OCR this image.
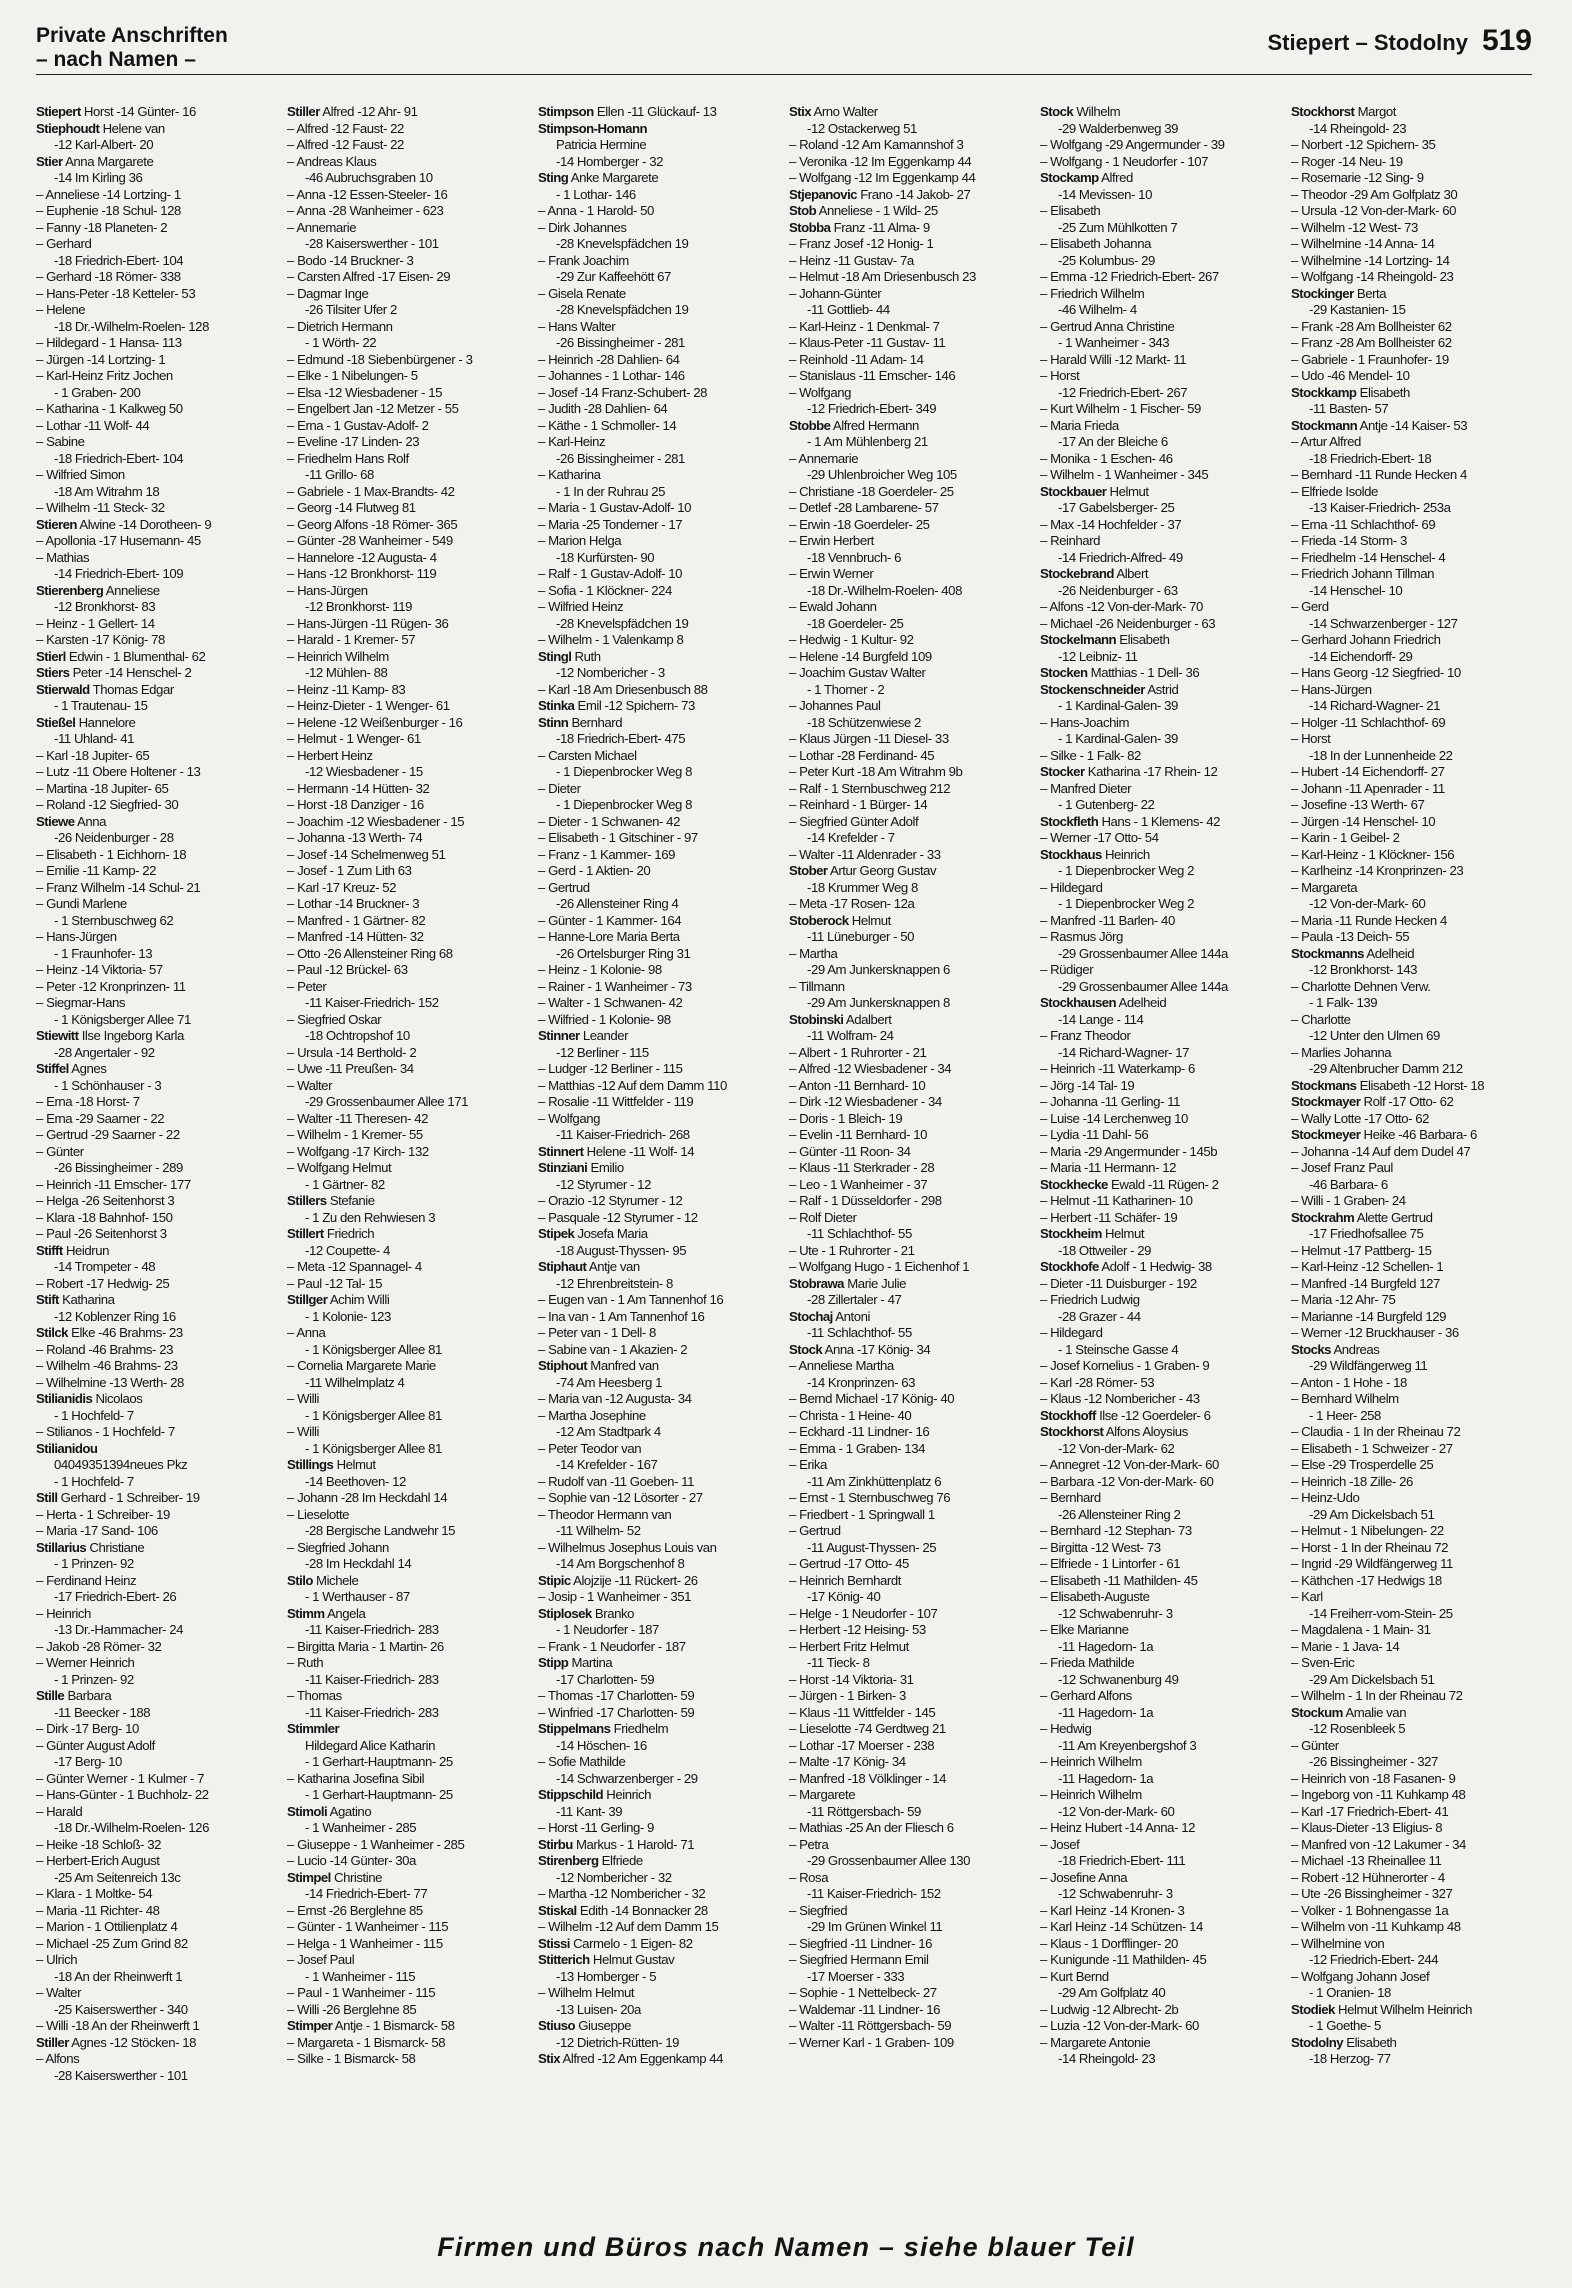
Private Anschriften
– nach Namen –
Stiepert – Stodolny 519
Stiepert Horst -14 Günter- 16
Stiephoudt Helene van
-12 Karl-Albert- 20
Stier Anna Margarete
-14 Im Kirling 36
– Anneliese -14 Lortzing- 1
– Euphenie -18 Schul- 128
– Fanny -18 Planeten- 2
– Gerhard
-18 Friedrich-Ebert- 104
– Gerhard -18 Römer- 338
– Hans-Peter -18 Ketteler- 53
– Helene
-18 Dr.-Wilhelm-Roelen- 128
– Hildegard - 1 Hansa- 113
– Jürgen -14 Lortzing- 1
– Karl-Heinz Fritz Jochen
- 1 Graben- 200
– Katharina - 1 Kalkweg 50
– Lothar -11 Wolf- 44
– Sabine
-18 Friedrich-Ebert- 104
– Wilfried Simon
-18 Am Witrahm 18
– Wilhelm -11 Steck- 32
Stieren Alwine -14 Dorotheen- 9
– Apollonia -17 Husemann- 45
– Mathias
-14 Friedrich-Ebert- 109
Stierenberg Anneliese
-12 Bronkhorst- 83
– Heinz - 1 Gellert- 14
– Karsten -17 König- 78
Stierl Edwin - 1 Blumenthal- 62
Stiers Peter -14 Henschel- 2
Stierwald Thomas Edgar
- 1 Trautenau- 15
Stießel Hannelore
-11 Uhland- 41
– Karl -18 Jupiter- 65
– Lutz -11 Obere Holtener - 13
– Martina -18 Jupiter- 65
– Roland -12 Siegfried- 30
Stiewe Anna
-26 Neidenburger - 28
– Elisabeth - 1 Eichhorn- 18
– Emilie -11 Kamp- 22
– Franz Wilhelm -14 Schul- 21
– Gundi Marlene
- 1 Sternbuschweg 62
– Hans-Jürgen
- 1 Fraunhofer- 13
– Heinz -14 Viktoria- 57
– Peter -12 Kronprinzen- 11
– Siegmar-Hans
- 1 Königsberger Allee 71
Stiewitt Ilse Ingeborg Karla
-28 Angertaler - 92
Stiffel Agnes
- 1 Schönhauser - 3
– Erna -18 Horst- 7
– Erna -29 Saarner - 22
– Gertrud -29 Saarner - 22
– Günter
-26 Bissingheimer - 289
– Heinrich -11 Emscher- 177
– Helga -26 Seitenhorst 3
– Klara -18 Bahnhof- 150
– Paul -26 Seitenhorst 3
Stifft Heidrun
-14 Trompeter - 48
– Robert -17 Hedwig- 25
Stift Katharina
-12 Koblenzer Ring 16
Stilck Elke -46 Brahms- 23
– Roland -46 Brahms- 23
– Wilhelm -46 Brahms- 23
– Wilhelmine -13 Werth- 28
Stilianidis Nicolaos
- 1 Hochfeld- 7
– Stilianos - 1 Hochfeld- 7
Stilianidou
04049351394neues Pkz
- 1 Hochfeld- 7
Still Gerhard - 1 Schreiber- 19
– Herta - 1 Schreiber- 19
– Maria -17 Sand- 106
Stillarius Christiane
- 1 Prinzen- 92
– Ferdinand Heinz
-17 Friedrich-Ebert- 26
– Heinrich
-13 Dr.-Hammacher- 24
– Jakob -28 Römer- 32
– Werner Heinrich
- 1 Prinzen- 92
Stille Barbara
-11 Beecker - 188
– Dirk -17 Berg- 10
– Günter August Adolf
-17 Berg- 10
– Günter Werner - 1 Kulmer - 7
– Hans-Günter - 1 Buchholz- 22
– Harald
-18 Dr.-Wilhelm-Roelen- 126
– Heike -18 Schloß- 32
– Herbert-Erich August
-25 Am Seitenreich 13c
– Klara - 1 Moltke- 54
– Maria -11 Richter- 48
– Marion - 1 Ottilienplatz 4
– Michael -25 Zum Grind 82
– Ulrich
-18 An der Rheinwerft 1
– Walter
-25 Kaiserswerther - 340
– Willi -18 An der Rheinwerft 1
Stiller Agnes -12 Stöcken- 18
– Alfons
-28 Kaiserswerther - 101
Stiller Alfred -12 Ahr- 91
– Alfred -12 Faust- 22
– Alfred -12 Faust- 22
– Andreas Klaus
-46 Aubruchsgraben 10
– Anna -12 Essen-Steeler- 16
– Anna -28 Wanheimer - 623
– Annemarie
-28 Kaiserswerther - 101
– Bodo -14 Bruckner- 3
– Carsten Alfred -17 Eisen- 29
– Dagmar Inge
-26 Tilsiter Ufer 2
– Dietrich Hermann
- 1 Wörth- 22
– Edmund -18 Siebenbürgener - 3
– Elke - 1 Nibelungen- 5
– Elsa -12 Wiesbadener - 15
– Engelbert Jan -12 Metzer - 55
– Erna - 1 Gustav-Adolf- 2
– Eveline -17 Linden- 23
– Friedhelm Hans Rolf
-11 Grillo- 68
– Gabriele - 1 Max-Brandts- 42
– Georg -14 Flutweg 81
– Georg Alfons -18 Römer- 365
– Günter -28 Wanheimer - 549
– Hannelore -12 Augusta- 4
– Hans -12 Bronkhorst- 119
– Hans-Jürgen
-12 Bronkhorst- 119
– Hans-Jürgen -11 Rügen- 36
– Harald - 1 Kremer- 57
– Heinrich Wilhelm
-12 Mühlen- 88
– Heinz -11 Kamp- 83
– Heinz-Dieter - 1 Wenger- 61
– Helene -12 Weißenburger - 16
– Helmut - 1 Wenger- 61
– Herbert Heinz
-12 Wiesbadener - 15
– Hermann -14 Hütten- 32
– Horst -18 Danziger - 16
– Joachim -12 Wiesbadener - 15
– Johanna -13 Werth- 74
– Josef -14 Schelmenweg 51
– Josef - 1 Zum Lith 63
– Karl -17 Kreuz- 52
– Lothar -14 Bruckner- 3
– Manfred - 1 Gärtner- 82
– Manfred -14 Hütten- 32
– Otto -26 Allensteiner Ring 68
– Paul -12 Brückel- 63
– Peter
-11 Kaiser-Friedrich- 152
– Siegfried Oskar
-18 Ochtropshof 10
– Ursula -14 Berthold- 2
– Uwe -11 Preußen- 34
– Walter
-29 Grossenbaumer Allee 171
– Walter -11 Theresen- 42
– Wilhelm - 1 Kremer- 55
– Wolfgang -17 Kirch- 132
– Wolfgang Helmut
- 1 Gärtner- 82
Stillers Stefanie
- 1 Zu den Rehwiesen 3
Stillert Friedrich
-12 Coupette- 4
– Meta -12 Spannagel- 4
– Paul -12 Tal- 15
Stillger Achim Willi
- 1 Kolonie- 123
– Anna
- 1 Königsberger Allee 81
– Cornelia Margarete Marie
-11 Wilhelmplatz 4
– Willi
- 1 Königsberger Allee 81
– Willi
- 1 Königsberger Allee 81
Stillings Helmut
-14 Beethoven- 12
– Johann -28 Im Heckdahl 14
– Lieselotte
-28 Bergische Landwehr 15
– Siegfried Johann
-28 Im Heckdahl 14
Stilo Michele
- 1 Werthauser - 87
Stimm Angela
-11 Kaiser-Friedrich- 283
– Birgitta Maria - 1 Martin- 26
– Ruth
-11 Kaiser-Friedrich- 283
– Thomas
-11 Kaiser-Friedrich- 283
Stimmler
Hildegard Alice Katharin
- 1 Gerhart-Hauptmann- 25
– Katharina Josefina Sibil
- 1 Gerhart-Hauptmann- 25
Stimoli Agatino
- 1 Wanheimer - 285
– Giuseppe - 1 Wanheimer - 285
– Lucio -14 Günter- 30a
Stimpel Christine
-14 Friedrich-Ebert- 77
– Ernst -26 Berglehne 85
– Günter - 1 Wanheimer - 115
– Helga - 1 Wanheimer - 115
– Josef Paul
- 1 Wanheimer - 115
– Paul - 1 Wanheimer - 115
– Willi -26 Berglehne 85
Stimper Antje - 1 Bismarck- 58
– Margareta - 1 Bismarck- 58
– Silke - 1 Bismarck- 58
Stimpson Ellen -11 Glückauf- 13
Stimpson-Homann
Patricia Hermine
-14 Homberger - 32
Sting Anke Margarete
- 1 Lothar- 146
– Anna - 1 Harold- 50
– Dirk Johannes
-28 Knevelspfädchen 19
– Frank Joachim
-29 Zur Kaffeehött 67
– Gisela Renate
-28 Knevelspfädchen 19
– Hans Walter
-26 Bissingheimer - 281
– Heinrich -28 Dahlien- 64
– Johannes - 1 Lothar- 146
– Josef -14 Franz-Schubert- 28
– Judith -28 Dahlien- 64
– Käthe - 1 Schmoller- 14
– Karl-Heinz
-26 Bissingheimer - 281
– Katharina
- 1 In der Ruhrau 25
– Maria - 1 Gustav-Adolf- 10
– Maria -25 Tonderner - 17
– Marion Helga
-18 Kurfürsten- 90
– Ralf - 1 Gustav-Adolf- 10
– Sofia - 1 Klöckner- 224
– Wilfried Heinz
-28 Knevelspfädchen 19
– Wilhelm - 1 Valenkamp 8
Stingl Ruth
-12 Nombericher - 3
– Karl -18 Am Driesenbusch 88
Stinka Emil -12 Spichern- 73
Stinn Bernhard
-18 Friedrich-Ebert- 475
– Carsten Michael
- 1 Diepenbrocker Weg 8
– Dieter
- 1 Diepenbrocker Weg 8
– Dieter - 1 Schwanen- 42
– Elisabeth - 1 Gitschiner - 97
– Franz - 1 Kammer- 169
– Gerd - 1 Aktien- 20
– Gertrud
-26 Allensteiner Ring 4
– Günter - 1 Kammer- 164
– Hanne-Lore Maria Berta
-26 Ortelsburger Ring 31
– Heinz - 1 Kolonie- 98
– Rainer - 1 Wanheimer - 73
– Walter - 1 Schwanen- 42
– Wilfried - 1 Kolonie- 98
Stinner Leander
-12 Berliner - 115
– Ludger -12 Berliner - 115
– Matthias -12 Auf dem Damm 110
– Rosalie -11 Wittfelder - 119
– Wolfgang
-11 Kaiser-Friedrich- 268
Stinnert Helene -11 Wolf- 14
Stinziani Emilio
-12 Styrumer - 12
– Orazio -12 Styrumer - 12
– Pasquale -12 Styrumer - 12
Stipek Josefa Maria
-18 August-Thyssen- 95
Stiphaut Antje van
-12 Ehrenbreitstein- 8
– Eugen van - 1 Am Tannenhof 16
– Ina van - 1 Am Tannenhof 16
– Peter van - 1 Dell- 8
– Sabine van - 1 Akazien- 2
Stiphout Manfred van
-74 Am Heesberg 1
– Maria van -12 Augusta- 34
– Martha Josephine
-12 Am Stadtpark 4
– Peter Teodor van
-14 Krefelder - 167
– Rudolf van -11 Goeben- 11
– Sophie van -12 Lösorter - 27
– Theodor Hermann van
-11 Wilhelm- 52
– Wilhelmus Josephus Louis van
-14 Am Borgschenhof 8
Stipic Alojzije -11 Rückert- 26
– Josip - 1 Wanheimer - 351
Stiplosek Branko
- 1 Neudorfer - 187
– Frank - 1 Neudorfer - 187
Stipp Martina
-17 Charlotten- 59
– Thomas -17 Charlotten- 59
– Winfried -17 Charlotten- 59
Stippelmans Friedhelm
-14 Höschen- 16
– Sofie Mathilde
-14 Schwarzenberger - 29
Stippschild Heinrich
-11 Kant- 39
– Horst -11 Gerling- 9
Stirbu Markus - 1 Harold- 71
Stirenberg Elfriede
-12 Nombericher - 32
– Martha -12 Nombericher - 32
Stiskal Edith -14 Bonnacker 28
– Wilhelm -12 Auf dem Damm 15
Stissi Carmelo - 1 Eigen- 82
Stitterich Helmut Gustav
-13 Homberger - 5
– Wilhelm Helmut
-13 Luisen- 20a
Stiuso Giuseppe
-12 Dietrich-Rütten- 19
Stix Alfred -12 Am Eggenkamp 44
Stix Arno Walter
-12 Ostackerweg 51
– Roland -12 Am Kamannshof 3
– Veronika -12 Im Eggenkamp 44
– Wolfgang -12 Im Eggenkamp 44
Stjepanovic Frano -14 Jakob- 27
Stob Anneliese - 1 Wild- 25
Stobba Franz -11 Alma- 9
– Franz Josef -12 Honig- 1
– Heinz -11 Gustav- 7a
– Helmut -18 Am Driesenbusch 23
– Johann-Günter
-11 Gottlieb- 44
– Karl-Heinz - 1 Denkmal- 7
– Klaus-Peter -11 Gustav- 11
– Reinhold -11 Adam- 14
– Stanislaus -11 Emscher- 146
– Wolfgang
-12 Friedrich-Ebert- 349
Stobbe Alfred Hermann
- 1 Am Mühlenberg 21
– Annemarie
-29 Uhlenbroicher Weg 105
– Christiane -18 Goerdeler- 25
– Detlef -28 Lambarene- 57
– Erwin -18 Goerdeler- 25
– Erwin Herbert
-18 Vennbruch- 6
– Erwin Werner
-18 Dr.-Wilhelm-Roelen- 408
– Ewald Johann
-18 Goerdeler- 25
– Hedwig - 1 Kultur- 92
– Helene -14 Burgfeld 109
– Joachim Gustav Walter
- 1 Thorner - 2
– Johannes Paul
-18 Schützenwiese 2
– Klaus Jürgen -11 Diesel- 33
– Lothar -28 Ferdinand- 45
– Peter Kurt -18 Am Witrahm 9b
– Ralf - 1 Sternbuschweg 212
– Reinhard - 1 Bürger- 14
– Siegfried Günter Adolf
-14 Krefelder - 7
– Walter -11 Aldenrader - 33
Stober Artur Georg Gustav
-18 Krummer Weg 8
– Meta -17 Rosen- 12a
Stoberock Helmut
-11 Lüneburger - 50
– Martha
-29 Am Junkersknappen 6
– Tillmann
-29 Am Junkersknappen 8
Stobinski Adalbert
-11 Wolfram- 24
– Albert - 1 Ruhrorter - 21
– Alfred -12 Wiesbadener - 34
– Anton -11 Bernhard- 10
– Dirk -12 Wiesbadener - 34
– Doris - 1 Bleich- 19
– Evelin -11 Bernhard- 10
– Günter -11 Roon- 34
– Klaus -11 Sterkrader - 28
– Leo - 1 Wanheimer - 37
– Ralf - 1 Düsseldorfer - 298
– Rolf Dieter
-11 Schlachthof- 55
– Ute - 1 Ruhrorter - 21
– Wolfgang Hugo - 1 Eichenhof 1
Stobrawa Marie Julie
-28 Zillertaler - 47
Stochaj Antoni
-11 Schlachthof- 55
Stock Anna -17 König- 34
– Anneliese Martha
-14 Kronprinzen- 63
– Bernd Michael -17 König- 40
– Christa - 1 Heine- 40
– Eckhard -11 Lindner- 16
– Emma - 1 Graben- 134
– Erika
-11 Am Zinkhüttenplatz 6
– Ernst - 1 Sternbuschweg 76
– Friedbert - 1 Springwall 1
– Gertrud
-11 August-Thyssen- 25
– Gertrud -17 Otto- 45
– Heinrich Bernhardt
-17 König- 40
– Helge - 1 Neudorfer - 107
– Herbert -12 Heising- 53
– Herbert Fritz Helmut
-11 Tieck- 8
– Horst -14 Viktoria- 31
– Jürgen - 1 Birken- 3
– Klaus -11 Wittfelder - 145
– Lieselotte -74 Gerdtweg 21
– Lothar -17 Moerser - 238
– Malte -17 König- 34
– Manfred -18 Völklinger - 14
– Margarete
-11 Röttgersbach- 59
– Mathias -25 An der Fliesch 6
– Petra
-29 Grossenbaumer Allee 130
– Rosa
-11 Kaiser-Friedrich- 152
– Siegfried
-29 Im Grünen Winkel 11
– Siegfried -11 Lindner- 16
– Siegfried Hermann Emil
-17 Moerser - 333
– Sophie - 1 Nettelbeck- 27
– Waldemar -11 Lindner- 16
– Walter -11 Röttgersbach- 59
– Werner Karl - 1 Graben- 109
Stock Wilhelm
-29 Walderbenweg 39
– Wolfgang -29 Angermunder - 39
– Wolfgang - 1 Neudorfer - 107
Stockamp Alfred
-14 Mevissen- 10
– Elisabeth
-25 Zum Mühlkotten 7
– Elisabeth Johanna
-25 Kolumbus- 29
– Emma -12 Friedrich-Ebert- 267
– Friedrich Wilhelm
-46 Wilhelm- 4
– Gertrud Anna Christine
- 1 Wanheimer - 343
– Harald Willi -12 Markt- 11
– Horst
-12 Friedrich-Ebert- 267
– Kurt Wilhelm - 1 Fischer- 59
– Maria Frieda
-17 An der Bleiche 6
– Monika - 1 Eschen- 46
– Wilhelm - 1 Wanheimer - 345
Stockbauer Helmut
-17 Gabelsberger- 25
– Max -14 Hochfelder - 37
– Reinhard
-14 Friedrich-Alfred- 49
Stockebrand Albert
-26 Neidenburger - 63
– Alfons -12 Von-der-Mark- 70
– Michael -26 Neidenburger - 63
Stockelmann Elisabeth
-12 Leibniz- 11
Stocken Matthias - 1 Dell- 36
Stockenschneider Astrid
- 1 Kardinal-Galen- 39
– Hans-Joachim
- 1 Kardinal-Galen- 39
– Silke - 1 Falk- 82
Stocker Katharina -17 Rhein- 12
– Manfred Dieter
- 1 Gutenberg- 22
Stockfleth Hans - 1 Klemens- 42
– Werner -17 Otto- 54
Stockhaus Heinrich
- 1 Diepenbrocker Weg 2
– Hildegard
- 1 Diepenbrocker Weg 2
– Manfred -11 Barlen- 40
– Rasmus Jörg
-29 Grossenbaumer Allee 144a
– Rüdiger
-29 Grossenbaumer Allee 144a
Stockhausen Adelheid
-14 Lange - 114
– Franz Theodor
-14 Richard-Wagner- 17
– Heinrich -11 Waterkamp- 6
– Jörg -14 Tal- 19
– Johanna -11 Gerling- 11
– Luise -14 Lerchenweg 10
– Lydia -11 Dahl- 56
– Maria -29 Angermunder - 145b
– Maria -11 Hermann- 12
Stockhecke Ewald -11 Rügen- 2
– Helmut -11 Katharinen- 10
– Herbert -11 Schäfer- 19
Stockheim Helmut
-18 Ottweiler - 29
Stockhofe Adolf - 1 Hedwig- 38
– Dieter -11 Duisburger - 192
– Friedrich Ludwig
-28 Grazer - 44
– Hildegard
- 1 Steinsche Gasse 4
– Josef Kornelius - 1 Graben- 9
– Karl -28 Römer- 53
– Klaus -12 Nombericher - 43
Stockhoff Ilse -12 Goerdeler- 6
Stockhorst Alfons Aloysius
-12 Von-der-Mark- 62
– Annegret -12 Von-der-Mark- 60
– Barbara -12 Von-der-Mark- 60
– Bernhard
-26 Allensteiner Ring 2
– Bernhard -12 Stephan- 73
– Birgitta -12 West- 73
– Elfriede - 1 Lintorfer - 61
– Elisabeth -11 Mathilden- 45
– Elisabeth-Auguste
-12 Schwabenruhr- 3
– Elke Marianne
-11 Hagedorn- 1a
– Frieda Mathilde
-12 Schwanenburg 49
– Gerhard Alfons
-11 Hagedorn- 1a
– Hedwig
-11 Am Kreyenbergshof 3
– Heinrich Wilhelm
-11 Hagedorn- 1a
– Heinrich Wilhelm
-12 Von-der-Mark- 60
– Heinz Hubert -14 Anna- 12
– Josef
-18 Friedrich-Ebert- 111
– Josefine Anna
-12 Schwabenruhr- 3
– Karl Heinz -14 Kronen- 3
– Karl Heinz -14 Schützen- 14
– Klaus - 1 Dorfflinger- 20
– Kunigunde -11 Mathilden- 45
– Kurt Bernd
-29 Am Golfplatz 40
– Ludwig -12 Albrecht- 2b
– Luzia -12 Von-der-Mark- 60
– Margarete Antonie
-14 Rheingold- 23
Stockhorst Margot
-14 Rheingold- 23
– Norbert -12 Spichern- 35
– Roger -14 Neu- 19
– Rosemarie -12 Sing- 9
– Theodor -29 Am Golfplatz 30
– Ursula -12 Von-der-Mark- 60
– Wilhelm -12 West- 73
– Wilhelmine -14 Anna- 14
– Wilhelmine -14 Lortzing- 14
– Wolfgang -14 Rheingold- 23
Stockinger Berta
-29 Kastanien- 15
– Frank -28 Am Bollheister 62
– Franz -28 Am Bollheister 62
– Gabriele - 1 Fraunhofer- 19
– Udo -46 Mendel- 10
Stockkamp Elisabeth
-11 Basten- 57
Stockmann Antje -14 Kaiser- 53
– Artur Alfred
-18 Friedrich-Ebert- 18
– Bernhard -11 Runde Hecken 4
– Elfriede Isolde
-13 Kaiser-Friedrich- 253a
– Erna -11 Schlachthof- 69
– Frieda -14 Storm- 3
– Friedhelm -14 Henschel- 4
– Friedrich Johann Tillman
-14 Henschel- 10
– Gerd
-14 Schwarzenberger - 127
– Gerhard Johann Friedrich
-14 Eichendorff- 29
– Hans Georg -12 Siegfried- 10
– Hans-Jürgen
-14 Richard-Wagner- 21
– Holger -11 Schlachthof- 69
– Horst
-18 In der Lunnenheide 22
– Hubert -14 Eichendorff- 27
– Johann -11 Apenrader - 11
– Josefine -13 Werth- 67
– Jürgen -14 Henschel- 10
– Karin - 1 Geibel- 2
– Karl-Heinz - 1 Klöckner- 156
– Karlheinz -14 Kronprinzen- 23
– Margareta
-12 Von-der-Mark- 60
– Maria -11 Runde Hecken 4
– Paula -13 Deich- 55
Stockmanns Adelheid
-12 Bronkhorst- 143
– Charlotte Dehnen Verw.
- 1 Falk- 139
– Charlotte
-12 Unter den Ulmen 69
– Marlies Johanna
-29 Altenbrucher Damm 212
Stockmans Elisabeth -12 Horst- 18
Stockmayer Rolf -17 Otto- 62
– Wally Lotte -17 Otto- 62
Stockmeyer Heike -46 Barbara- 6
– Johanna -14 Auf dem Dudel 47
– Josef Franz Paul
-46 Barbara- 6
– Willi - 1 Graben- 24
Stockrahm Alette Gertrud
-17 Friedhofsallee 75
– Helmut -17 Pattberg- 15
– Karl-Heinz -12 Schellen- 1
– Manfred -14 Burgfeld 127
– Maria -12 Ahr- 75
– Marianne -14 Burgfeld 129
– Werner -12 Bruckhauser - 36
Stocks Andreas
-29 Wildfängerweg 11
– Anton - 1 Hohe - 18
– Bernhard Wilhelm
- 1 Heer- 258
– Claudia - 1 In der Rheinau 72
– Elisabeth - 1 Schweizer - 27
– Else -29 Trosperdelle 25
– Heinrich -18 Zille- 26
– Heinz-Udo
-29 Am Dickelsbach 51
– Helmut - 1 Nibelungen- 22
– Horst - 1 In der Rheinau 72
– Ingrid -29 Wildfängerweg 11
– Käthchen -17 Hedwigs 18
– Karl
-14 Freiherr-vom-Stein- 25
– Magdalena - 1 Main- 31
– Marie - 1 Java- 14
– Sven-Eric
-29 Am Dickelsbach 51
– Wilhelm - 1 In der Rheinau 72
Stockum Amalie van
-12 Rosenbleek 5
– Günter
-26 Bissingheimer - 327
– Heinrich von -18 Fasanen- 9
– Ingeborg von -11 Kuhkamp 48
– Karl -17 Friedrich-Ebert- 41
– Klaus-Dieter -13 Eligius- 8
– Manfred von -12 Lakumer - 34
– Michael -13 Rheinallee 11
– Robert -12 Hühnerorter - 4
– Ute -26 Bissingheimer - 327
– Volker - 1 Bohnengasse 1a
– Wilhelm von -11 Kuhkamp 48
– Wilhelmine von
-12 Friedrich-Ebert- 244
– Wolfgang Johann Josef
- 1 Oranien- 18
Stodiek Helmut Wilhelm Heinrich
- 1 Goethe- 5
Stodolny Elisabeth
-18 Herzog- 77
Firmen und Büros nach Namen – siehe blauer Teil
